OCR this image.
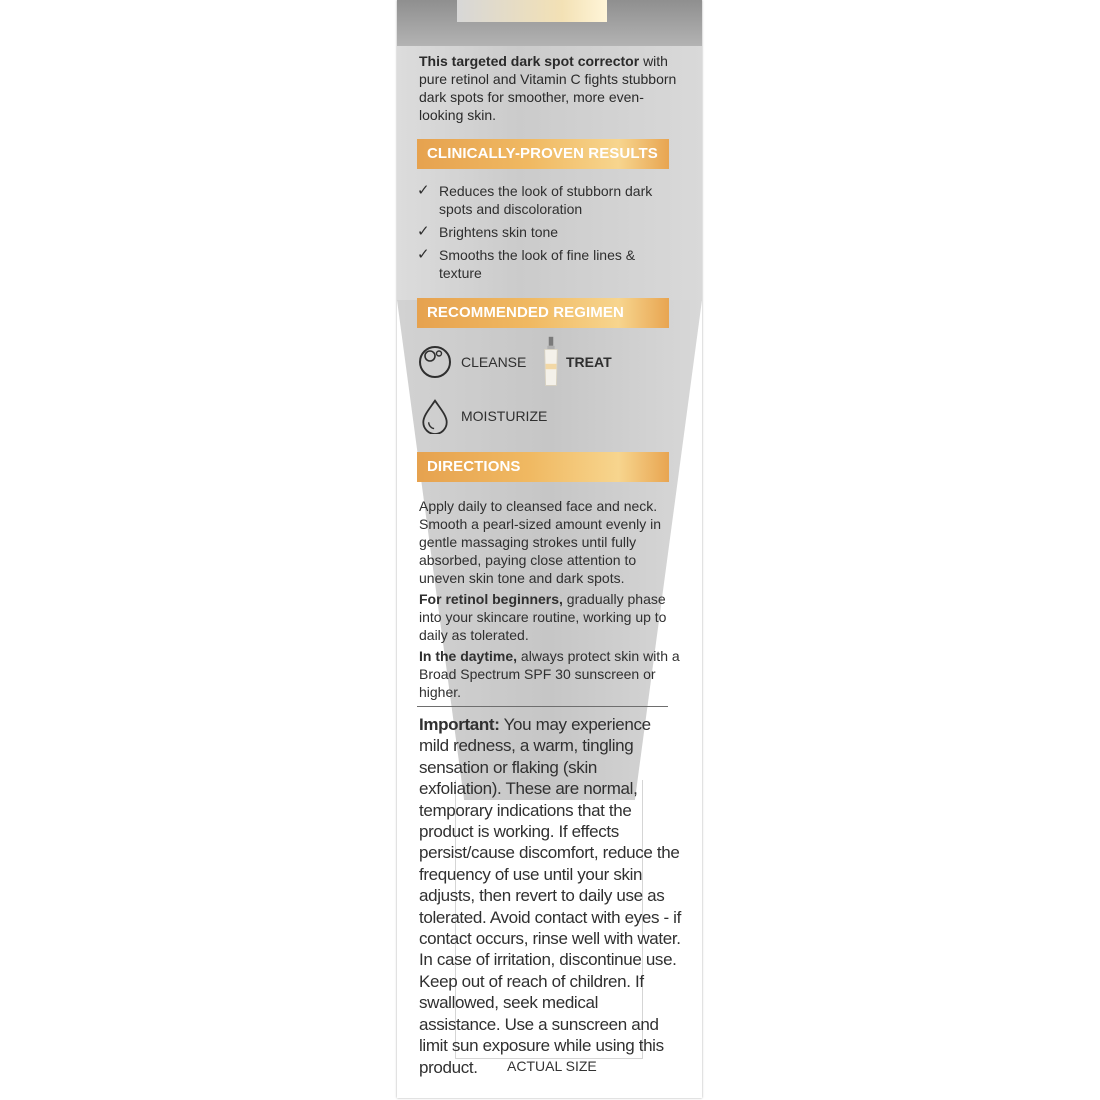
This targeted dark spot corrector with pure retinol and Vitamin C fights stubborn dark spots for smoother, more even-looking skin.

CLINICALLY-PROVEN RESULTS
✓ Reduces the look of stubborn dark spots and discoloration
✓ Brightens skin tone
✓ Smooths the look of fine lines & texture
RECOMMENDED REGIMEN
CLEANSE	TREAT
MOISTURIZE
DIRECTIONS

Apply daily to cleansed face and neck. Smooth a pearl-sized amount evenly in gentle massaging strokes until fully absorbed, paying close attention to uneven skin tone and dark spots.

For retinol beginners, gradually phase into your skincare routine, working up to daily as tolerated.

In the daytime, always protect skin with a Broad Spectrum SPF 30 sunscreen or higher.

Important: You may experience mild redness, a warm, tingling sensation or flaking (skin exfoliation). These are normal, temporary indications that the product is working. If effects persist/cause discomfort, reduce the frequency of use until your skin adjusts, then revert to daily use as tolerated. Avoid contact with eyes - if contact occurs, rinse well with water. In case of irritation, discontinue use. Keep out of reach of children. If swallowed, seek medical assistance. Use a sunscreen and limit sun exposure while using this product.	ACTUAL SIZE
